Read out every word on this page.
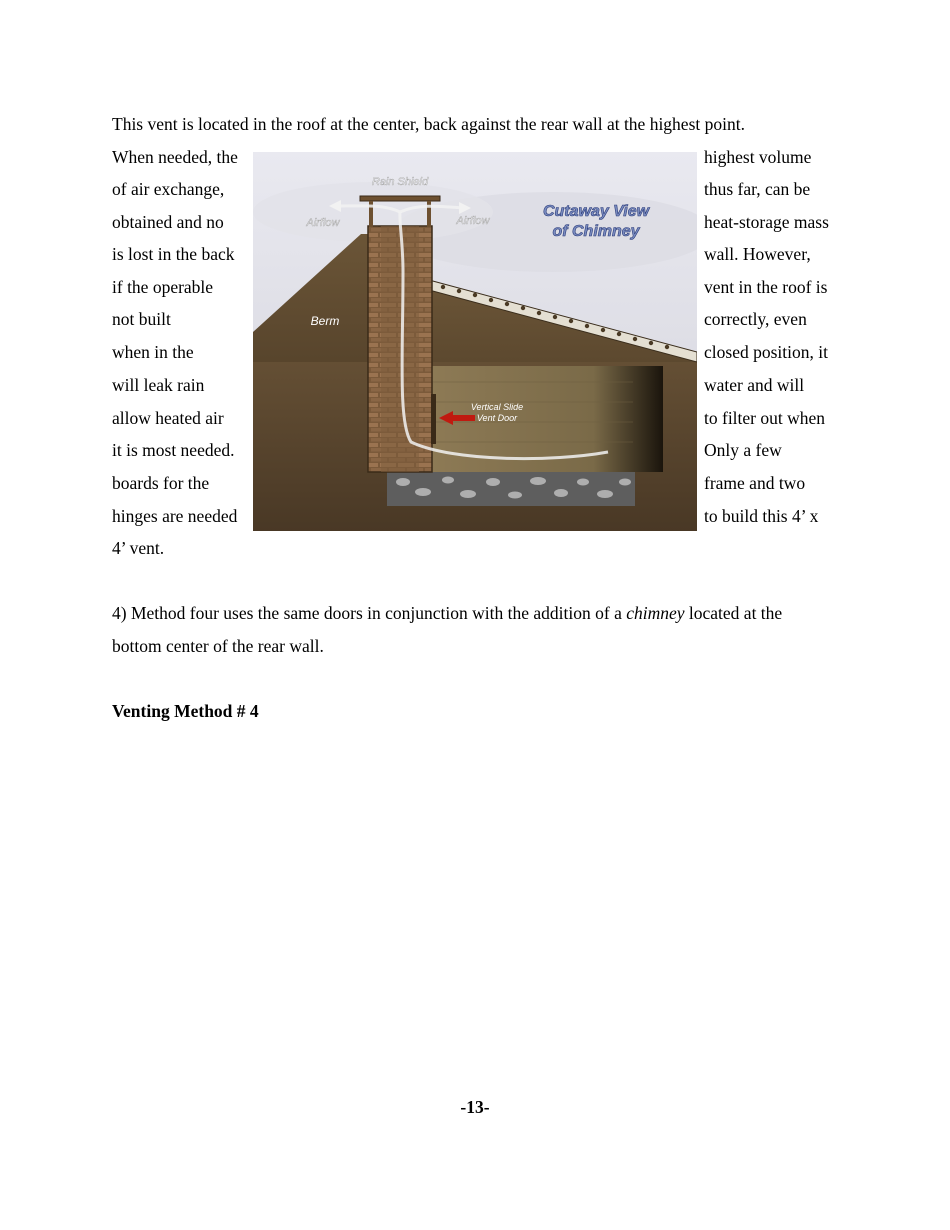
This vent is located in the roof at the center, back against the rear wall at the highest point.
When needed, the
of air exchange,
obtained and no
is lost in the back
if the operable
not built
when in the
will leak rain
allow heated air
it is most needed.
boards for the
hinges are needed
highest volume
thus far, can be
heat-storage mass
wall. However,
vent in the roof is
correctly, even
closed position, it
water and will
to filter out when
Only a few
frame and two
to build this 4’ x
4’ vent.
Rain Shield
Airflow	Airflow
Berm
Vertical Slide
Vent Door
Cutaway View
of Chimney
4) Method four uses the same doors in conjunction with the addition of a chimney located at the
bottom center of the rear wall.
Venting Method # 4
-13-
